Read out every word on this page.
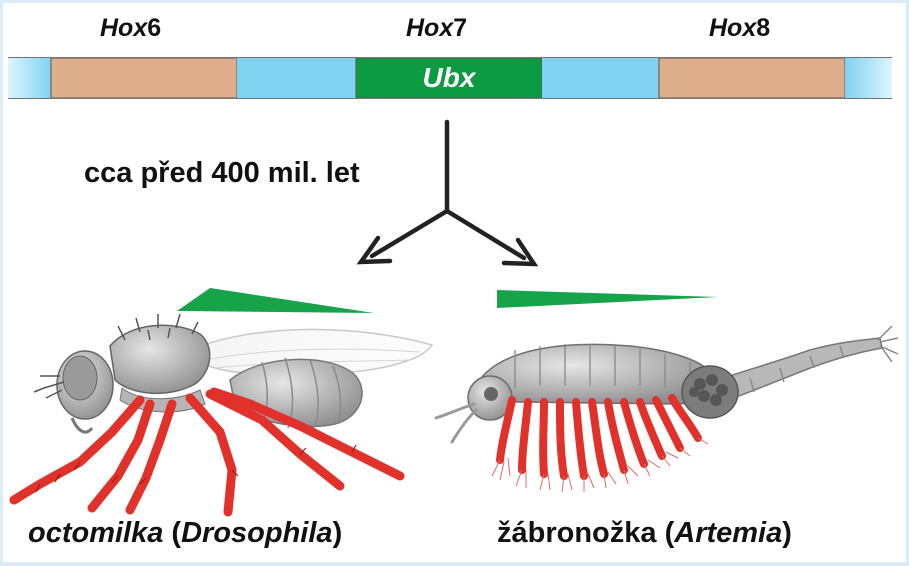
Hox6	Hox7	Hox8
Ubx
cca před 400 mil. let
octomilka (Drosophila)	žábronožka (Artemia)
